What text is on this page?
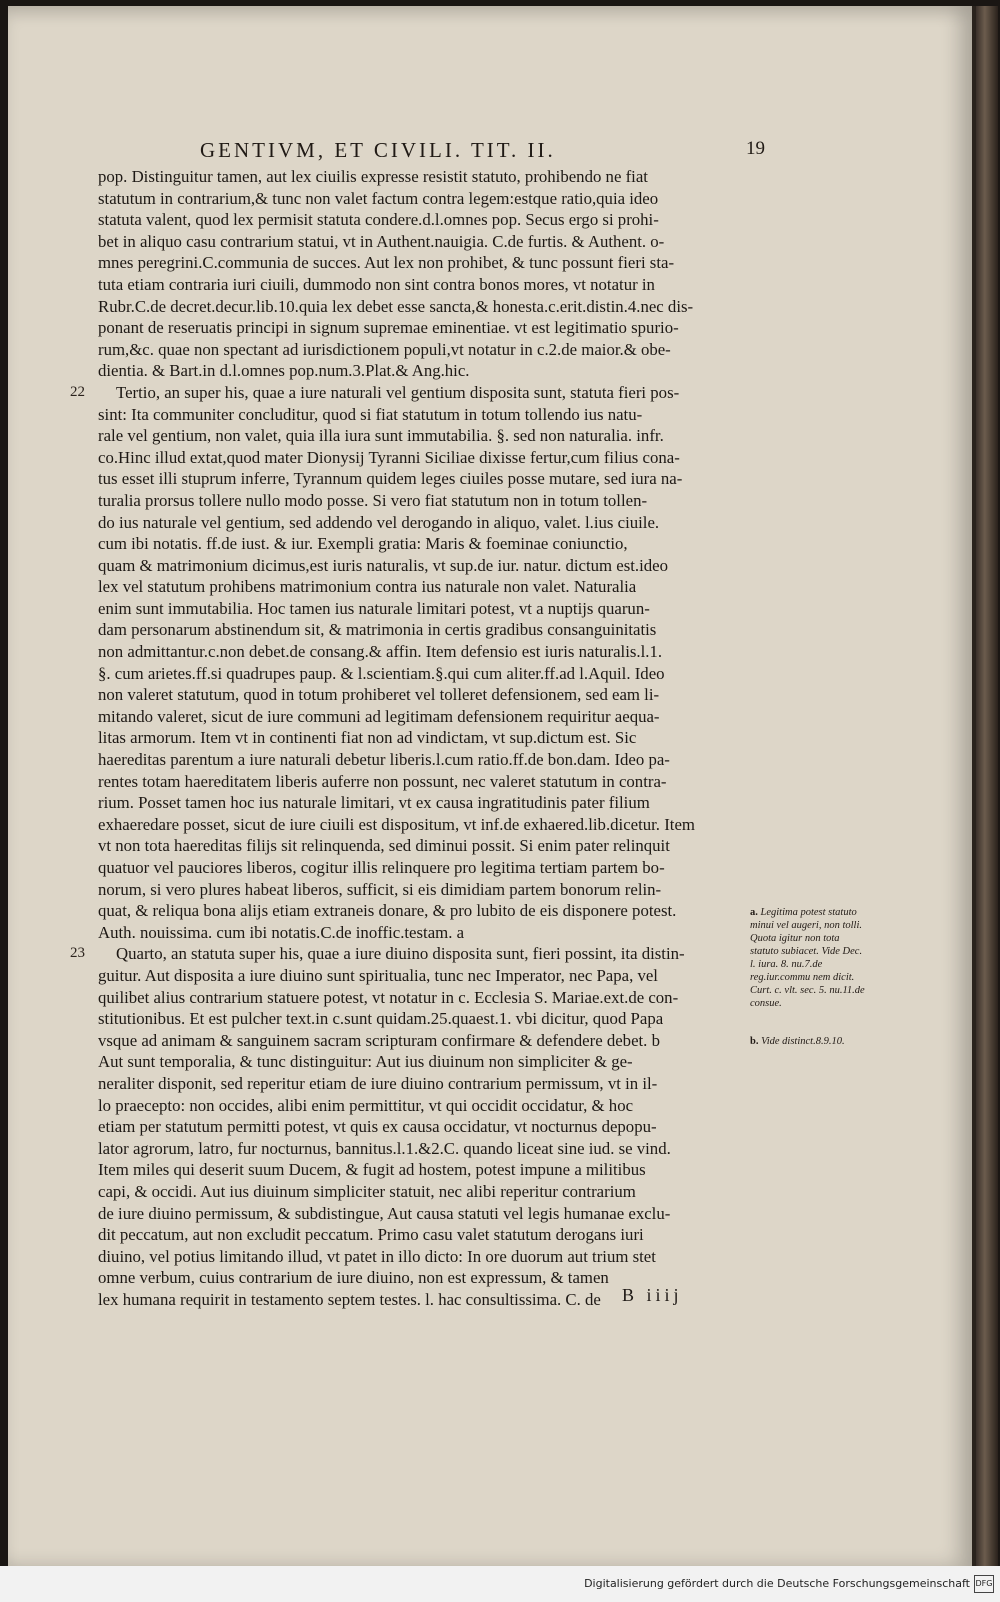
GENTIVM, ET CIVILI. TIT. II.	19
pop. Distinguitur tamen, aut lex ciuilis expresse resistit statuto, prohibendo ne fiat
statutum in contrarium,& tunc non valet factum contra legem:estque ratio,quia ideo
statuta valent, quod lex permisit statuta condere.d.l.omnes pop. Secus ergo si prohi-
bet in aliquo casu contrarium statui, vt in Authent.nauigia. C.de furtis. & Authent. o-
mnes peregrini.C.communia de succes. Aut lex non prohibet, & tunc possunt fieri sta-
tuta etiam contraria iuri ciuili, dummodo non sint contra bonos mores, vt notatur in
Rubr.C.de decret.decur.lib.10.quia lex debet esse sancta,& honesta.c.erit.distin.4.nec dis-
ponant de reseruatis principi in signum supremae eminentiae. vt est legitimatio spurio-
rum,&c. quae non spectant ad iurisdictionem populi,vt notatur in c.2.de maior.& obe-
dientia. & Bart.in d.l.omnes pop.num.3.Plat.& Ang.hic.
22	Tertio, an super his, quae a iure naturali vel gentium disposita sunt, statuta fieri pos-
sint: Ita communiter concluditur, quod si fiat statutum in totum tollendo ius natu-
rale vel gentium, non valet, quia illa iura sunt immutabilia. §. sed non naturalia. infr.
co.Hinc illud extat,quod mater Dionysij Tyranni Siciliae dixisse fertur,cum filius cona-
tus esset illi stuprum inferre, Tyrannum quidem leges ciuiles posse mutare, sed iura na-
turalia prorsus tollere nullo modo posse. Si vero fiat statutum non in totum tollen-
do ius naturale vel gentium, sed addendo vel derogando in aliquo, valet. l.ius ciuile.
cum ibi notatis. ff.de iust. & iur. Exempli gratia: Maris & foeminae coniunctio,
quam & matrimonium dicimus,est iuris naturalis, vt sup.de iur. natur. dictum est.ideo
lex vel statutum prohibens matrimonium contra ius naturale non valet. Naturalia
enim sunt immutabilia. Hoc tamen ius naturale limitari potest, vt a nuptijs quarun-
dam personarum abstinendum sit, & matrimonia in certis gradibus consanguinitatis
non admittantur.c.non debet.de consang.& affin. Item defensio est iuris naturalis.l.1.
§. cum arietes.ff.si quadrupes paup. & l.scientiam.§.qui cum aliter.ff.ad l.Aquil. Ideo
non valeret statutum, quod in totum prohiberet vel tolleret defensionem, sed eam li-
mitando valeret, sicut de iure communi ad legitimam defensionem requiritur aequa-
litas armorum. Item vt in continenti fiat non ad vindictam, vt sup.dictum est. Sic
haereditas parentum a iure naturali debetur liberis.l.cum ratio.ff.de bon.dam. Ideo pa-
rentes totam haereditatem liberis auferre non possunt, nec valeret statutum in contra-
rium. Posset tamen hoc ius naturale limitari, vt ex causa ingratitudinis pater filium
exhaeredare posset, sicut de iure ciuili est dispositum, vt inf.de exhaered.lib.dicetur. Item
vt non tota haereditas filijs sit relinquenda, sed diminui possit. Si enim pater relinquit
quatuor vel pauciores liberos, cogitur illis relinquere pro legitima tertiam partem bo-
norum, si vero plures habeat liberos, sufficit, si eis dimidiam partem bonorum relin-
quat, & reliqua bona alijs etiam extraneis donare, & pro lubito de eis disponere potest.
Auth. nouissima. cum ibi notatis.C.de inoffic.testam. a
23	Quarto, an statuta super his, quae a iure diuino disposita sunt, fieri possint, ita distin-
guitur. Aut disposita a iure diuino sunt spiritualia, tunc nec Imperator, nec Papa, vel
quilibet alius contrarium statuere potest, vt notatur in c. Ecclesia S. Mariae.ext.de con-
stitutionibus. Et est pulcher text.in c.sunt quidam.25.quaest.1. vbi dicitur, quod Papa
vsque ad animam & sanguinem sacram scripturam confirmare & defendere debet. b
Aut sunt temporalia, & tunc distinguitur: Aut ius diuinum non simpliciter & ge-
neraliter disponit, sed reperitur etiam de iure diuino contrarium permissum, vt in il-
lo praecepto: non occides, alibi enim permittitur, vt qui occidit occidatur, & hoc
etiam per statutum permitti potest, vt quis ex causa occidatur, vt nocturnus depopu-
lator agrorum, latro, fur nocturnus, bannitus.l.1.&2.C. quando liceat sine iud. se vind.
Item miles qui deserit suum Ducem, & fugit ad hostem, potest impune a militibus
capi, & occidi. Aut ius diuinum simpliciter statuit, nec alibi reperitur contrarium
de iure diuino permissum, & subdistingue, Aut causa statuti vel legis humanae exclu-
dit peccatum, aut non excludit peccatum. Primo casu valet statutum derogans iuri
diuino, vel potius limitando illud, vt patet in illo dicto: In ore duorum aut trium stet
omne verbum, cuius contrarium de iure diuino, non est expressum, & tamen
lex humana requirit in testamento septem testes. l. hac consultissima. C. de
a. Legitima potest statuto minui vel augeri, non tolli. Quota igitur non tota statuto subiacet. Vide Dec. l. iura. 8. nu.7.de reg.iur.commu nem dicit. Curt. c. vlt. sec. 5. nu.11.de consue.
b. Vide distinct.8.9.10.
B iiij
Digitalisierung gefördert durch die Deutsche Forschungsgemeinschaft DFG
